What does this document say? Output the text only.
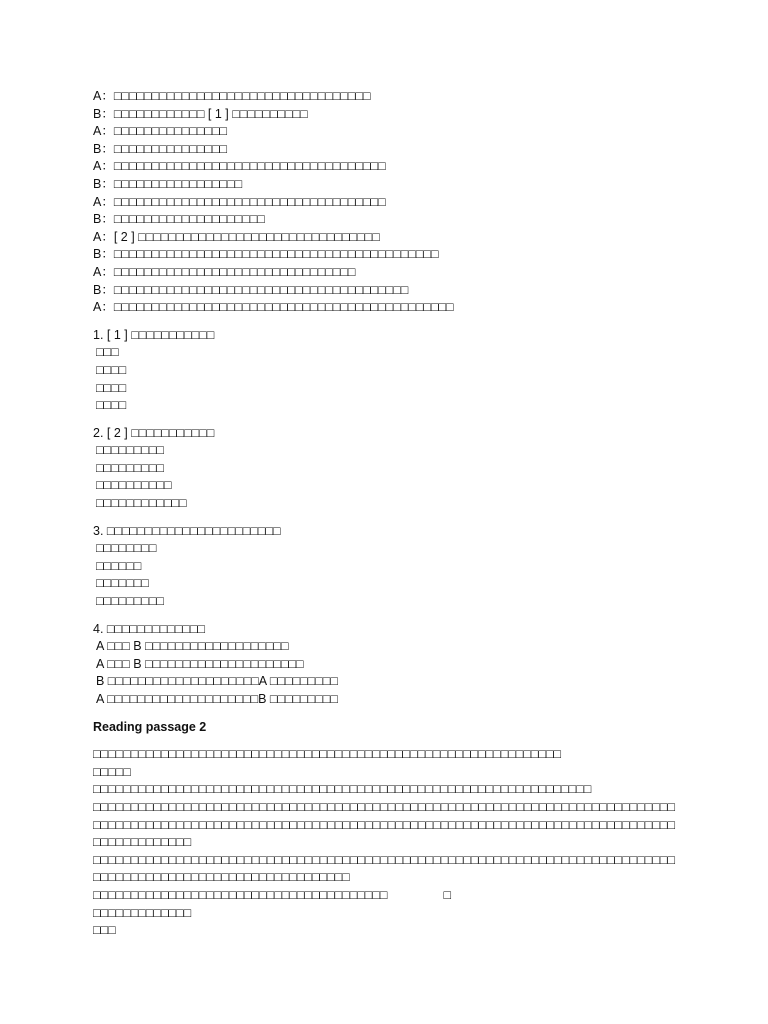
A：□□□□□□□□□□□□□□□□□□□□□□□□□□□□□□□□□□
B：□□□□□□□□□□□□ [ 1 ] □□□□□□□□□□
A：□□□□□□□□□□□□□□□
B：□□□□□□□□□□□□□□□
A：□□□□□□□□□□□□□□□□□□□□□□□□□□□□□□□□□□□□
B：□□□□□□□□□□□□□□□□□
A：□□□□□□□□□□□□□□□□□□□□□□□□□□□□□□□□□□□□
B：□□□□□□□□□□□□□□□□□□□□
A：[ 2 ] □□□□□□□□□□□□□□□□□□□□□□□□□□□□□□□□
B：□□□□□□□□□□□□□□□□□□□□□□□□□□□□□□□□□□□□□□□□□□□
A：□□□□□□□□□□□□□□□□□□□□□□□□□□□□□□□□
B：□□□□□□□□□□□□□□□□□□□□□□□□□□□□□□□□□□□□□□□
A：□□□□□□□□□□□□□□□□□□□□□□□□□□□□□□□□□□□□□□□□□□□□□
1. [ 1 ] □□□□□□□□□□□
□□□
□□□□
□□□□
□□□□
2. [ 2 ] □□□□□□□□□□□
□□□□□□□□□
□□□□□□□□□
□□□□□□□□□□
□□□□□□□□□□□□
3. □□□□□□□□□□□□□□□□□□□□□□□
□□□□□□□□
□□□□□□
□□□□□□□
□□□□□□□□□
4. □□□□□□□□□□□□□
A □□□ B □□□□□□□□□□□□□□□□□□□
A □□□ B □□□□□□□□□□□□□□□□□□□□□
B □□□□□□□□□□□□□□□□□□□□A □□□□□□□□□
A □□□□□□□□□□□□□□□□□□□□B □□□□□□□□□
Reading passage 2
□□□□□□□□□□□□□□□□□□□□□□□□□□□□□□□□□□□□□□□□□□□□□□□□□□□□□□□□□□□□□□
□□□□□
□□□□□□□□□□□□□□□□□□□□□□□□□□□□□□□□□□□□□□□□□□□□□□□□□□□□□□□□□□□□□□□□□□
□□□□□□□□□□□□□□□□□□□□□□□□□□□□□□□□□□□□□□□□□□□□□□□□□□□□□□□□□□□□□□□□□□□□□□□□□□□□□□□□□□□□□□□□□□□□□□□□□□□□□□□□□□□□□□□□□□□□□□□□□□□□□□□□□□□□□□□□□□□□□□□□□□□□□□□□□□□□□□□□□□□□□□□
□□□□□□□□□□□□□□□□□□□□□□□□□□□□□□□□□□□□□□□□□□□□□□□□□□□□□□□□□□□□□□□□□□□□□□□□□□□□□□□□□□□□□□□□□□□□□□□□□□□□□□□□□□□□□□□
□□□□□□□□□□□□□□□□□□□□□□□□□□□□□□□□□□□□□□□	□
□□□□□□□□□□□□□
□□□
